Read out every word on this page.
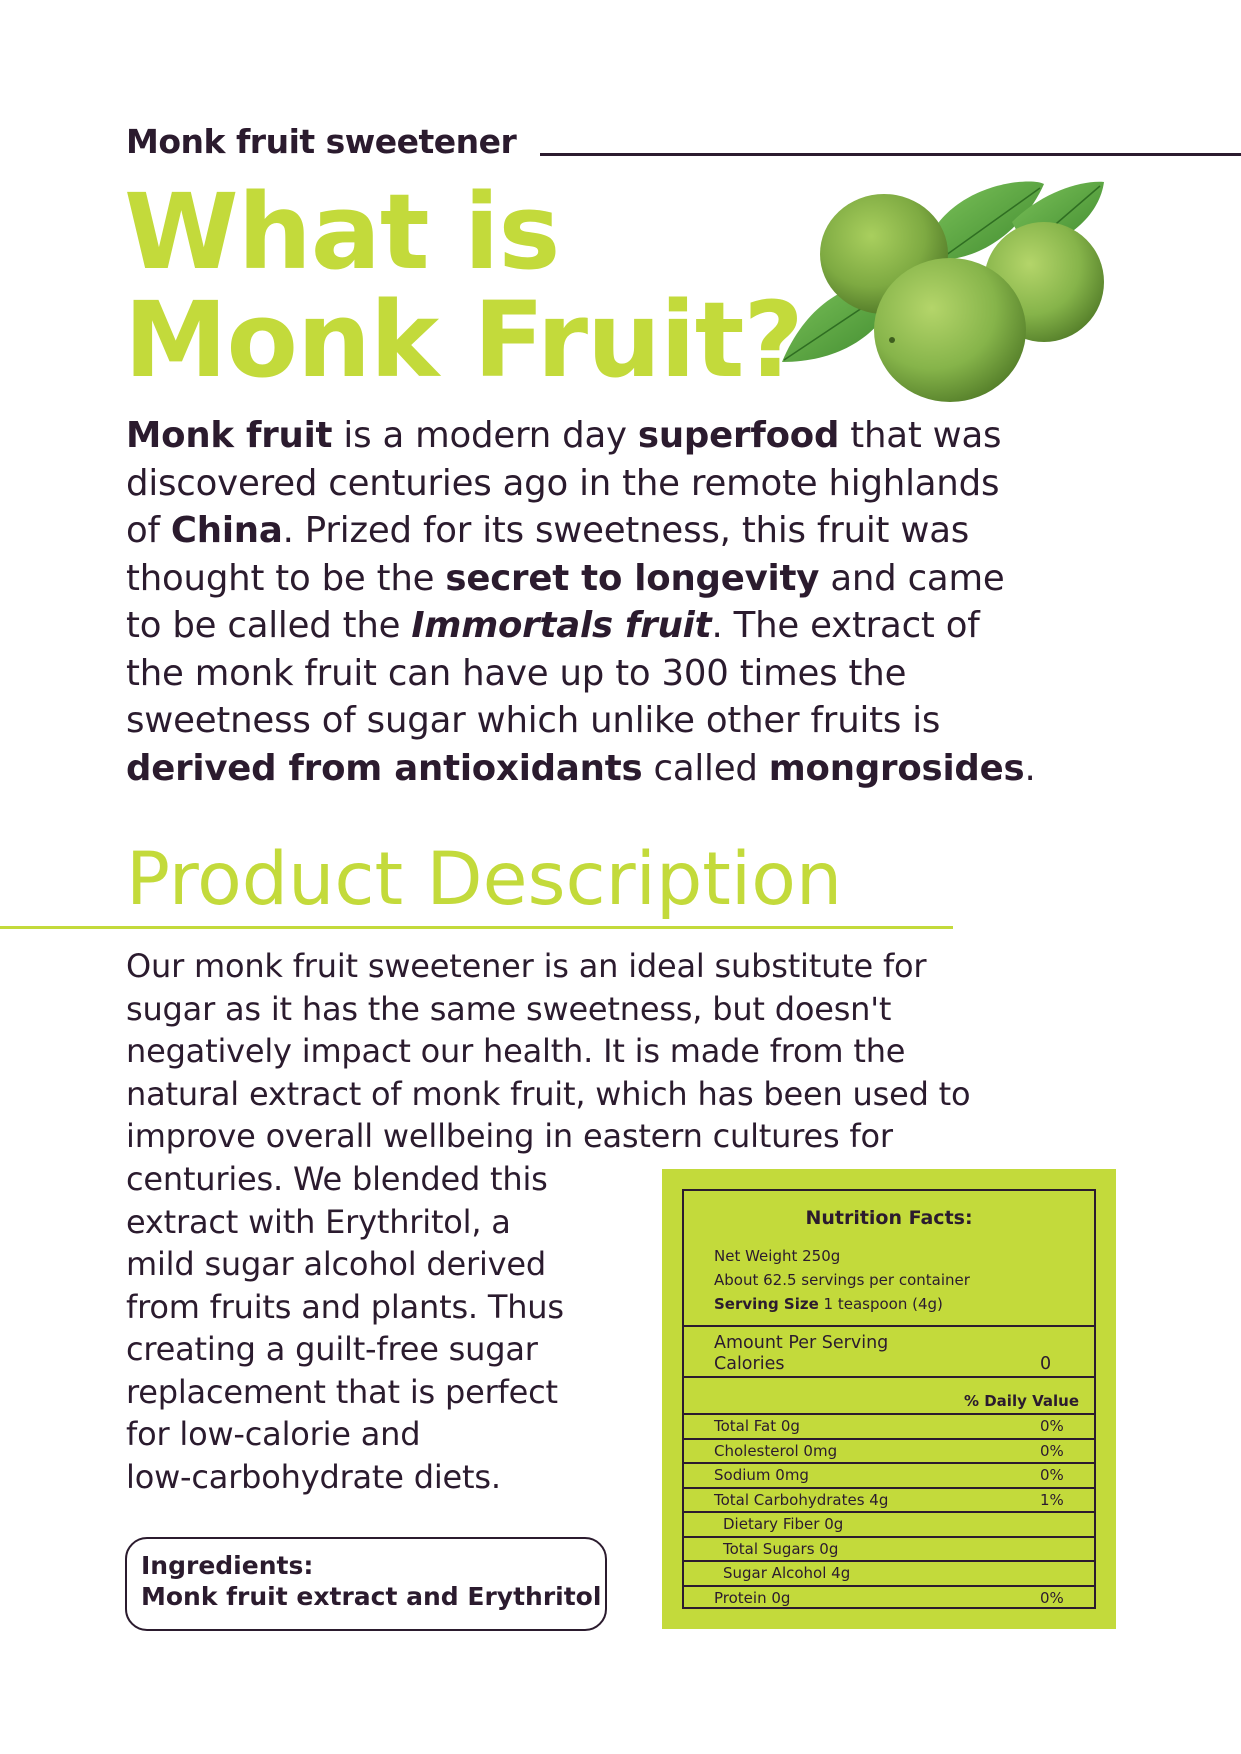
Monk fruit sweetener
What is
Monk Fruit?
Monk fruit is a modern day superfood that was
discovered centuries ago in the remote highlands
of China. Prized for its sweetness, this fruit was
thought to be the secret to longevity and came
to be called the Immortals fruit. The extract of
the monk fruit can have up to 300 times the
sweetness of sugar which unlike other fruits is
derived from antioxidants called mongrosides.
Product Description
Our monk fruit sweetener is an ideal substitute for
sugar as it has the same sweetness, but doesn't
negatively impact our health. It is made from the
natural extract of monk fruit, which has been used to
improve overall wellbeing in eastern cultures for
centuries. We blended this
extract with Erythritol, a
mild sugar alcohol derived
from fruits and plants. Thus
creating a guilt-free sugar
replacement that is perfect
for low-calorie and
low-carbohydrate diets.
Ingredients:
Monk fruit extract and Erythritol
Nutrition Facts:
Net Weight 250g
About 62.5 servings per container
Serving Size 1 teaspoon (4g)
Amount Per Serving
Calories	0
% Daily Value
Total Fat 0g	0%
Cholesterol 0mg	0%
Sodium 0mg	0%
Total Carbohydrates 4g	1%
Dietary Fiber 0g
Total Sugars 0g
Sugar Alcohol 4g
Protein 0g	0%
